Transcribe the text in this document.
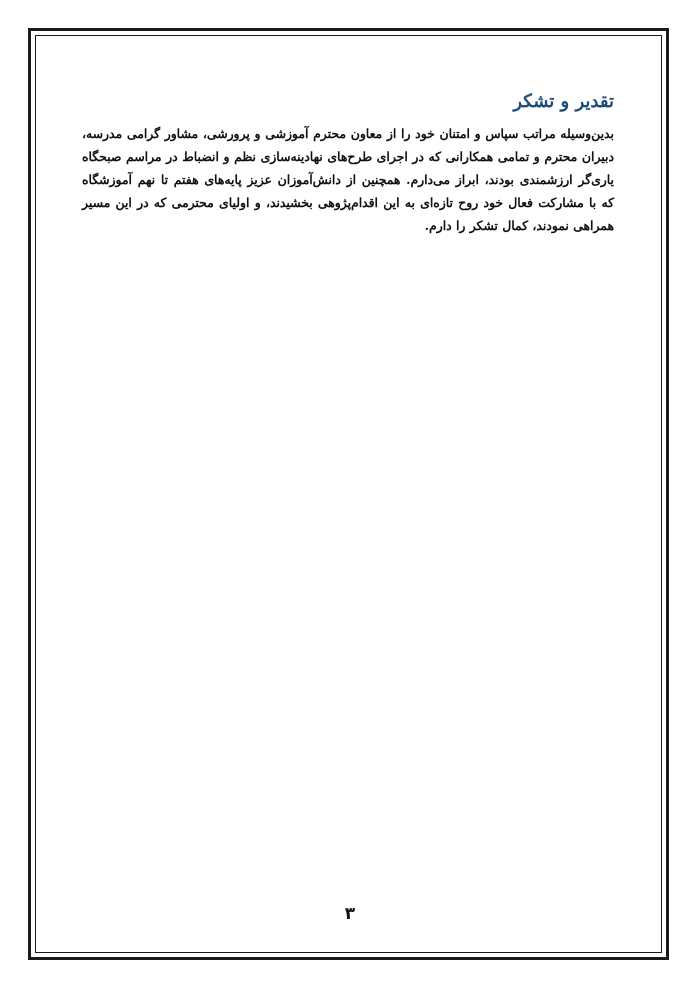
تقدیر و تشکر

بدین‌وسیله مراتب سپاس و امتنان خود را از معاون محترم آموزشی و پرورشی، مشاور گرامی مدرسه،
دبیران محترم و تمامی همکارانی که در اجرای طرح‌های نهادینه‌سازی نظم و انضباط در مراسم صبحگاه
یاری‌گر ارزشمندی بودند، ابراز می‌دارم. همچنین از دانش‌آموزان عزیز پایه‌های هفتم تا نهم آموزشگاه
که با مشارکت فعال خود روح تازه‌ای به این اقدام‌پژوهی بخشیدند، و اولیای محترمی که در این مسیر
همراهی نمودند، کمال تشکر را دارم.

۳
